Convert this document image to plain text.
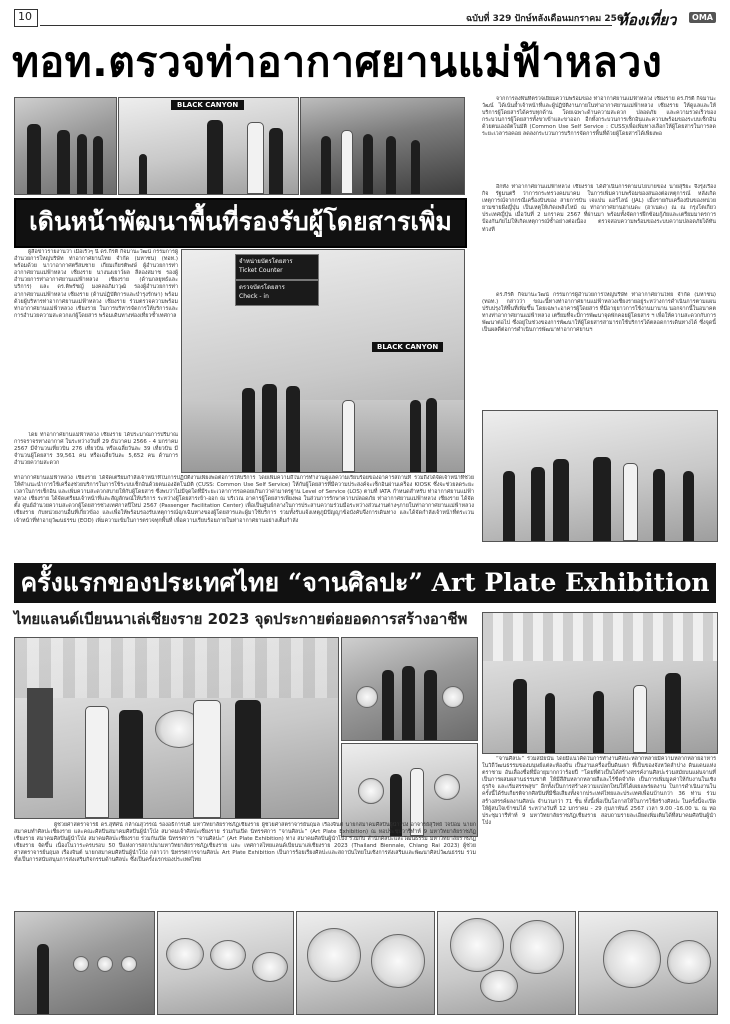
10	ฉบับที่ 329 ปักษ์หลังเดือนมกราคม 2567
ห้องเที่ยว	OMA
ทอท.ตรวจท่าอากาศยานแม่ฟ้าหลวง
BLACK CANYON
จากการลงพื้นที่ตรวจเยี่ยมความพร้อมของ ท่าอากาศยานแม่ฟ้าหลวง เชียงราย ดร.กีรติ กิจมานะวัฒน์ ได้เน้นย้ำเจ้าหน้าที่และผู้ปฏิบัติงานภายในท่าอากาศยานแม่ฟ้าหลวง เชียงราย ให้ดูแลและให้บริการผู้โดยสารได้ครบทุกด้าน โดยเฉพาะด้านความสะดวก ปลอดภัย และความรวดเร็วของกระบวนการผู้โดยสารทั้งขาเข้าและขาออก อีกทั้งกระบวนการเช็กอินและความพร้อมของระบบเช็กอินด้วยตนเองอัตโนมัติ (Common Use Self Service : CUSS)เพื่อเพิ่มทางเลือกให้ผู้โดยสารในการลดระยะเวลารอคอย ลดลงกระบวนการบริการจัดการพื้นที่ด้วยผู้โดยสารได้เพียงพอ
อีกทั้ง ท่าอากาศยานแม่ฟ้าหลวง เชียงราย ได้ดำเนินการตามนโยบายของ นายสุริยะ จึงรุ่งเรืองกิจ รัฐมนตรี ว่าการกระทรวงคมนาคม ในการเพิ่มความพร้อมของสนองต่อเหตุการณ์ หลังเกิดเหตุการณ์จากกรณีเครื่องบินของ สายการบิน เจแปน แอร์ไลน์ (JAL) เมื่อรายกับเครื่องบินของหน่วยยามชายฝั่งญี่ปุ่น เป็นเหตุให้เกิดเพลิงไหม้ ณ ท่าอากาศยานฮาเนดะ (ฮาเนดะ) ณ ณ กรุงโตเกียว ประเทศญี่ปุ่น เมื่อวันที่ 2 มกราคม 2567 ที่ผ่านมา พร้อมทั้งจัดการฝึกซ้อมกู้ภัยและเตรียมมาตรการป้องกันภัยไม่ให้เกิดเหตุการณ์ซ้ำอย่างต่อเนื่อง ตรวจสอบความพร้อมของระบบความปลอดภัยได้ทันท่วงที
ดร.กีรติ กิจมานะวัฒน์ กรรมการผู้อำนวยการใหญ่บริษัท ท่าอากาศยานไทย จำกัด (มหาชน) (ทอท.) กล่าวว่า ขณะนี้ทางท่าอากาศยานแม่ฟ้าหลวงเชียงรายอยู่ระหว่างการดำเนินการตามแผนปรับปรุงให้พื้นที่เพิ่มขึ้น โดยเฉพาะอาคารผู้โดยสาร ที่มีอายุยาวการใช้งานมานาน นอกจากนี้ในอนาคตทางท่าอากาศยานแม่ฟ้าหลวง เตรียมที่จะมีการพัฒนาจุดพักคอยผู้โดยสาร ฯ เพื่อให้ความสะดวกกับการพัฒนาต่อไป ซึ่งอยู่ในช่วงของการพัฒนาให้ผู้โดยสารสามารถใช้บริการได้ตลอดการเดินทางได้ ซึ่งจุดนี้เป็นผลดีต่อการดำเนินการพัฒนาท่าอากาศยานฯ
เดินหน้าพัฒนาพื้นที่รองรับผู้โดยสารเพิ่ม
ผู้สื่อข่าวรายงานว่า เมื่อเร็วๆ นี้ ดร.กีรติ กิจมานะวัฒน์ กรรมการผู้อำนวยการใหญ่บริษัท ท่าอากาศยานไทย จำกัด (มหาชน) (ทอท.) พร้อมด้วย นาวาอากาศตรีสมชาย เกียมเกียรติพงษ์ ผู้อำนวยการท่าอากาศยานแม่ฟ้าหลวง เชียงราย นางนงเยาว์ผล ลีลองสมาช รองผู้อำนวยการท่าอากาศยานแม่ฟ้าหลวง เชียงราย (ด้านกลยุทธ์และบริการ) และ ดร.ติพรัชญ์ มงคลอภิมาวุฒิ รองผู้อำนวยการท่าอากาศยานแม่ฟ้าหลวง เชียงราย (ด้านปฏิบัติการและบำรุงรักษา) พร้อมด้วยผู้บริหารท่าอากาศยานแม่ฟ้าหลวง เชียงราย ร่วมตรวจความพร้อม ท่าอากาศยานแม่ฟ้าหลวง เชียงราย ในการบริหารจัดการให้บริการและการอำนวยความสะดวกแก่ผู้โดยสาร พร้อมเดินทางท่องเที่ยวซ้ำเทศกาล
โดย ท่าอากาศยานแม่ฟ้าหลวง เชียงราย ได้ประมาณการปริมาณการจราจรทางอากาศ ในระหว่างวันที่ 29 ธันวาคม 2566 - 4 มกราคม 2567 มีจำนวนเที่ยวบิน 276 เที่ยวบิน หรือเฉลี่ยวันละ 39 เที่ยวบิน มีจำนวนผู้โดยสาร 39,561 คน หรือเฉลี่ยวันละ 5,652 คน ด้านการอำนวยความสะดวก
จำหน่ายบัตรโดยสาร
Ticket Counter
ตรวจบัตรโดยสาร
Check - in
BLACK CANYON
ท่าอากาศยานแม่ฟ้าหลวง เชียงราย ได้จัดเตรียมกำลังเจ้าหน้าที่ในการปฏิบัติงานเพียงพอต่อการให้บริการ โดยเพิ่มความถี่ในการทำงานดูแลความเรียบร้อยของอาคารสถานที่ รวมถึงได้จัดเจ้าหน้าที่ช่วยให้คำแนะนำการใช้เครื่องช่วยบริการในการใช้ระบบเช็กอินด้วยตนเองอัตโนมัติ (CUSS: Common Use Self Service) ให้กับผู้โดยสารที่มีความประสงค์จะเช็กอินผ่านเคร็อง KIOSK ซึ่งจะช่วยลดระยะเวลาในการเช็กอิน และเพิ่มความสะดวกสบายให้กับผู้โดยสาร ซึ่งพบว่าไม่มีจุดใดที่มีระยะเวลาการรอคอยเกินกว่าค่ามาตรฐาน Level of Service (LOS) ตามที่ IATA กำหนดสำหรับ ท่าอากาศยานแม่ฟ้าหลวง เชียงราย ได้จัดเตรียมเจ้าหน้าที่และสัญลักษณ์ให้บริการ ระหว่างผู้โดยสารเข้า-ออก ณ บริเวณ อาคารผู้โดยสารเพียงพอ ในส่วนการรักษาความปลอดภัย ท่าอากาศยานแม่ฟ้าหลวง เชียงราย ได้จัดตั้ง ศูนย์อำนวยความสะดวกผู้โดยสารช่วงเทศกาลปีใหม่ 2567 (Passenger Facilitation Center) เพื่อเป็นศูนย์กลางในการประสานความร่วมมือระหว่างส่วนงานต่างๆภายในท่าอากาศยานแม่ฟ้าหลวง เชียงราย กับหน่วยงานอื่นที่เกี่ยวข้อง และเพื่อให้พร้อมรองรับเหตุการณ์ฉุกเฉินทางของผู้โดยสารและผู้มาใช้บริการ รวมทั้งรับแจ้งเหตุภูมิปัญญาข้อบังคับจึงการเดินทาง และได้จัดกำลังเจ้าหน้าที่ตระเวน เจ้าหน้าที่ท่าอายุวัฒนธรรม (EOD) เพิ่มความเข้มในการตรวจทุกพื้นที่ เพื่อความเรียบร้อยภายในท่าอากาศยานอย่างเต็มกำลัง
ครั้งแรกของประเทศไทย “จานศิลปะ” Art Plate Exhibition
ไทยแลนด์เบียนนาเล่เชียงราย 2023 จุดประกายต่อยอดการสร้างอาชีพ
ผู้ช่วยศาสตราจารย์ ดร.สุทัศน์ กล้าณสุวรรณ์ รองอธิการบดี มหาวิทยาลัยราชภัฏเชียงราย ผู้ช่วยศาสตราจารย์นฤมล เรืองจินต์ นายกสมาคมศิลปินผู้นำโป่ง อาจารย์สุวิทย์ ใจป้อม นายกสมาคมทำศิลปะเชียงราย และคณะศิลปินสมาคมศิลปินผู้นำโป่ง สมาคมเจ้าศิลปะเชียงราย ร่วมกันเปิด นิทรรศการ “จานศิลปะ” (Art Plate Exhibition) ณ หอประชุมวารีทำท์ 9 มหาวิทยาลัยราชภัฏเชียงราย สมาคมศิลปินผู้นำโป่ง สมาคมศิลปะเชียงราย ร่วมกันเปิด นิทรรศการ “จานศิลปะ” (Art Plate Exhibition) ทาง สมาคมศิลปินผู้นำโป่ง ร่วมกับ สำนักศิลปะและวัฒนธรรม มหาวิทยาลัยราชภัฏเชียงราย จัดขึ้น เนื่องในวาระครบรอบ 50 ปีแห่งการสถาปนามหาวิทยาลัยราชภัฏเชียงราย และ เทศกาลไทยแลนด์เบียนนาเล่เชียงราย 2023 (Thailand Biennale, Chiang Rai 2023) ผู้ช่วยศาสตราจารย์นฤมล เรืองจินต์ นายกสมาคมศิลปินผู้นำโป่ง กล่าวว่า นิทรรศการจานศิลปะ Art Plate Exhibition เป็นการร้อยเรียงศิลปะและสถาบันไทยในเชิงการส่งเสริมและพัฒนาศิลปวัฒนธรรม รวมทั้งเป็นการสนับสนุนการส่งเสริมกิจกรรมด้านศิลปะ ซึ่งเป็นครั้งแรกของประเทศไทย
“จานศิลปะ” ร่วมสมัยนั้น โดยมีแนวคิดในการทำงานศิลปะหลากหลายมีความหลากหลายอาหารในวิถีวัฒนธรรมของมนุษย์แต่ละท้องถิ่น เป็นงานเครื่องปั้นดินเผา ที่เป็นของจังหวัดลำปาง ดินแดนแห่งตราชาม อันเลื่องชื่อที่มีอายุมากกว่าร้อยปี “โดยที่ตัวเป็นได้สร้างสรรค์งานศิลปะร่วมสมัยบนแผ่นจานที่เป็นการผสมผสานธรรมชาติ ให้มีสีสันหลากหลายสีและไร้ขีดจำกัด เป็นการเพิ่มมูลค่าให้กับงานในเชิงธุรกิจ และเริ่มสรรพสุข” อีกทั้งเป็นการสร้างความแปลกใหม่ให้ได้เผยแพร่ผลงาน ในการดำเนินงานในครั้งนี้ได้รับเกียรติจากศิลปินที่มีชื่อเสียงทั้งจากประเทศไทยและประเทศเพื่อนบ้านกว่า 36 ท่าน ร่วมสร้างสรรค์ผลงานศิลปะ จำนวนกว่า 71 ชิ้น ทั้งนี้เพื่อเป็นโอกาสให้ในการใช้สร้างศิลปะ ในครั้งนี้จะเปิดให้ผู้สนใจเข้าชมได้ ระหว่างวันที่ 12 มกราคม - 29 กุมภาพันธ์ 2567 เวลา 9.00 -16.00 น. ณ หอประชุมวารีทำท์ 9 มหาวิทยาลัยราชภัฏเชียงราย สอบถามรายละเอียดเพิ่มเติมได้ที่สมาคมศิลปินผู้นำโป่ง
